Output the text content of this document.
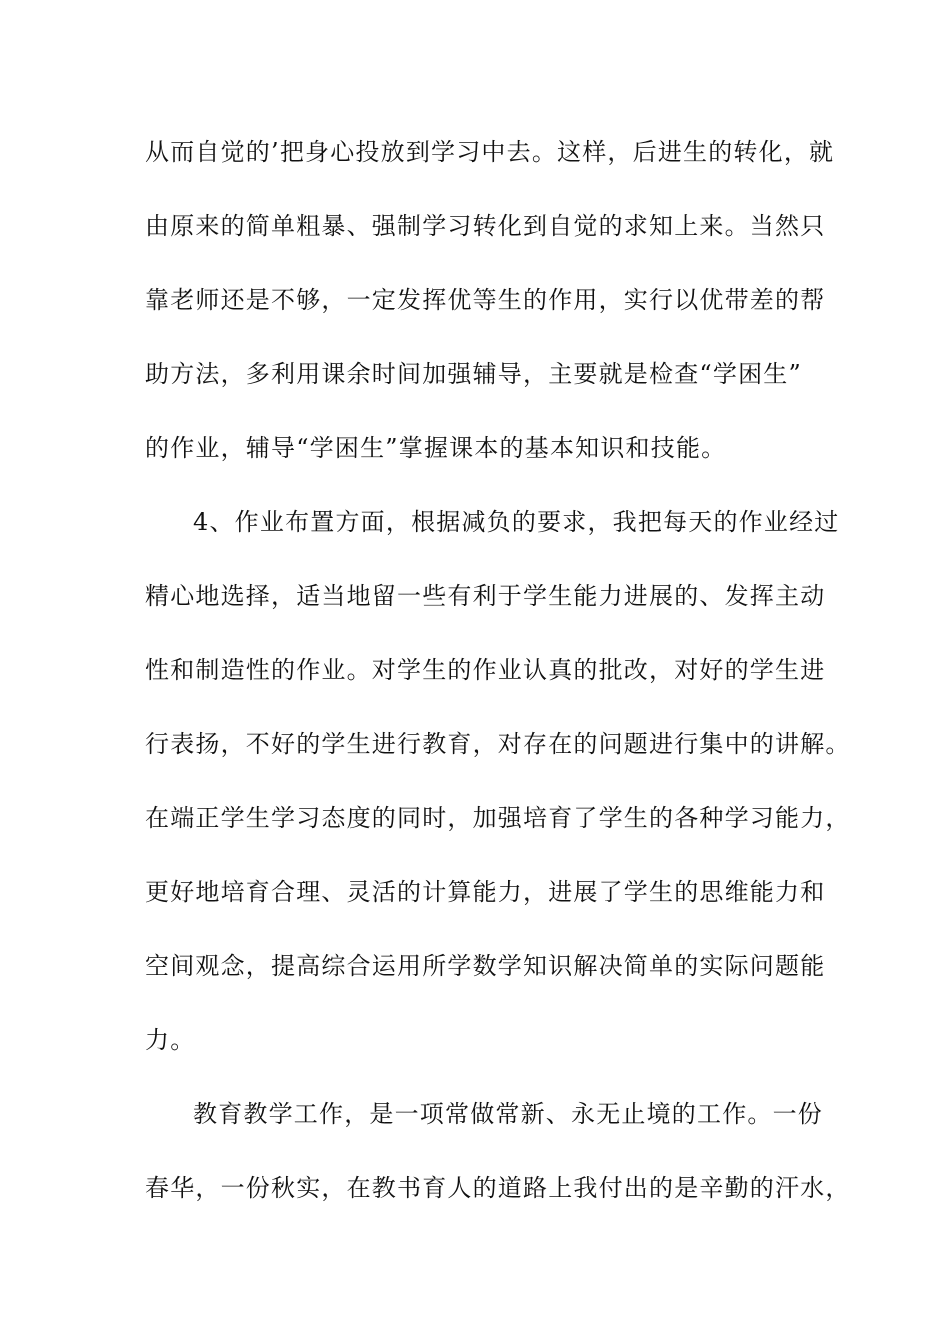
从而自觉的’把身心投放到学习中去。这样，后进生的转化，就
由原来的简单粗暴、强制学习转化到自觉的求知上来。当然只
靠老师还是不够，一定发挥优等生的作用，实行以优带差的帮
助方法，多利用课余时间加强辅导，主要就是检查“学困生”
的作业，辅导“学困生”掌握课本的基本知识和技能。
4、作业布置方面，根据减负的要求，我把每天的作业经过
精心地选择，适当地留一些有利于学生能力进展的、发挥主动
性和制造性的作业。对学生的作业认真的批改，对好的学生进
行表扬，不好的学生进行教育，对存在的问题进行集中的讲解。
在端正学生学习态度的同时，加强培育了学生的各种学习能力，
更好地培育合理、灵活的计算能力，进展了学生的思维能力和
空间观念，提高综合运用所学数学知识解决简单的实际问题能
力。
教育教学工作，是一项常做常新、永无止境的工作。一份
春华，一份秋实，在教书育人的道路上我付出的是辛勤的汗水，
